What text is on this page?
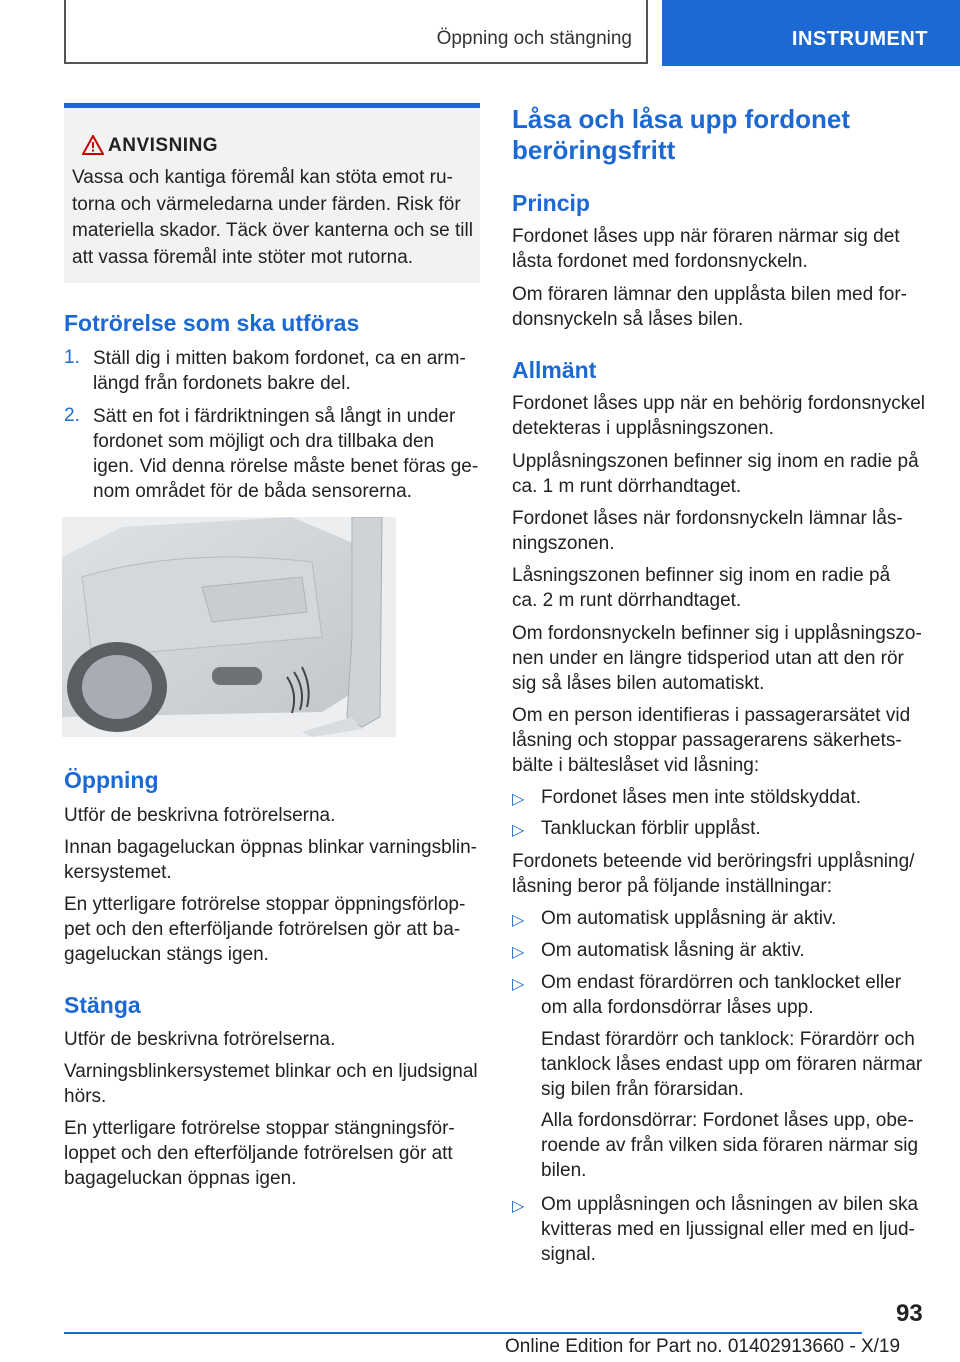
Öppning och stängning	INSTRUMENT
ANVISNING
Vassa och kantiga föremål kan stöta emot ru-
torna och värmeledarna under färden. Risk för
materiella skador. Täck över kanterna och se till
att vassa föremål inte stöter mot rutorna.
Fotrörelse som ska utföras
1. Ställ dig i mitten bakom fordonet, ca en arm-
längd från fordonets bakre del.
2. Sätt en fot i färdriktningen så långt in under
fordonet som möjligt och dra tillbaka den
igen. Vid denna rörelse måste benet föras ge-
nom området för de båda sensorerna.
Öppning
Utför de beskrivna fotrörelserna.
Innan bagageluckan öppnas blinkar varningsblin-
kersystemet.
En ytterligare fotrörelse stoppar öppningsförlop-
pet och den efterföljande fotrörelsen gör att ba-
gageluckan stängs igen.
Stänga
Utför de beskrivna fotrörelserna.
Varningsblinkersystemet blinkar och en ljudsignal
hörs.
En ytterligare fotrörelse stoppar stängningsför-
loppet och den efterföljande fotrörelsen gör att
bagageluckan öppnas igen.
Låsa och låsa upp fordonet
beröringsfritt
Princip
Fordonet låses upp när föraren närmar sig det
låsta fordonet med fordonsnyckeln.
Om föraren lämnar den upplåsta bilen med for-
donsnyckeln så låses bilen.
Allmänt
Fordonet låses upp när en behörig fordonsnyckel
detekteras i upplåsningszonen.
Upplåsningszonen befinner sig inom en radie på
ca. 1 m runt dörrhandtaget.
Fordonet låses när fordonsnyckeln lämnar lås-
ningszonen.
Låsningszonen befinner sig inom en radie på
ca. 2 m runt dörrhandtaget.
Om fordonsnyckeln befinner sig i upplåsningszo-
nen under en längre tidsperiod utan att den rör
sig så låses bilen automatiskt.
Om en person identifieras i passagerarsätet vid
låsning och stoppar passagerarens säkerhets-
bälte i bälteslåset vid låsning:
▷ Fordonet låses men inte stöldskyddat.
▷ Tankluckan förblir upplåst.
Fordonets beteende vid beröringsfri upplåsning/
låsning beror på följande inställningar:
▷ Om automatisk upplåsning är aktiv.
▷ Om automatisk låsning är aktiv.
▷ Om endast förardörren och tanklocket eller
om alla fordonsdörrar låses upp.
Endast förardörr och tanklock: Förardörr och
tanklock låses endast upp om föraren närmar
sig bilen från förarsidan.
Alla fordonsdörrar: Fordonet låses upp, obe-
roende av från vilken sida föraren närmar sig
bilen.
▷ Om upplåsningen och låsningen av bilen ska
kvitteras med en ljussignal eller med en ljud-
signal.
93
Online Edition for Part no. 01402913660 - X/19
